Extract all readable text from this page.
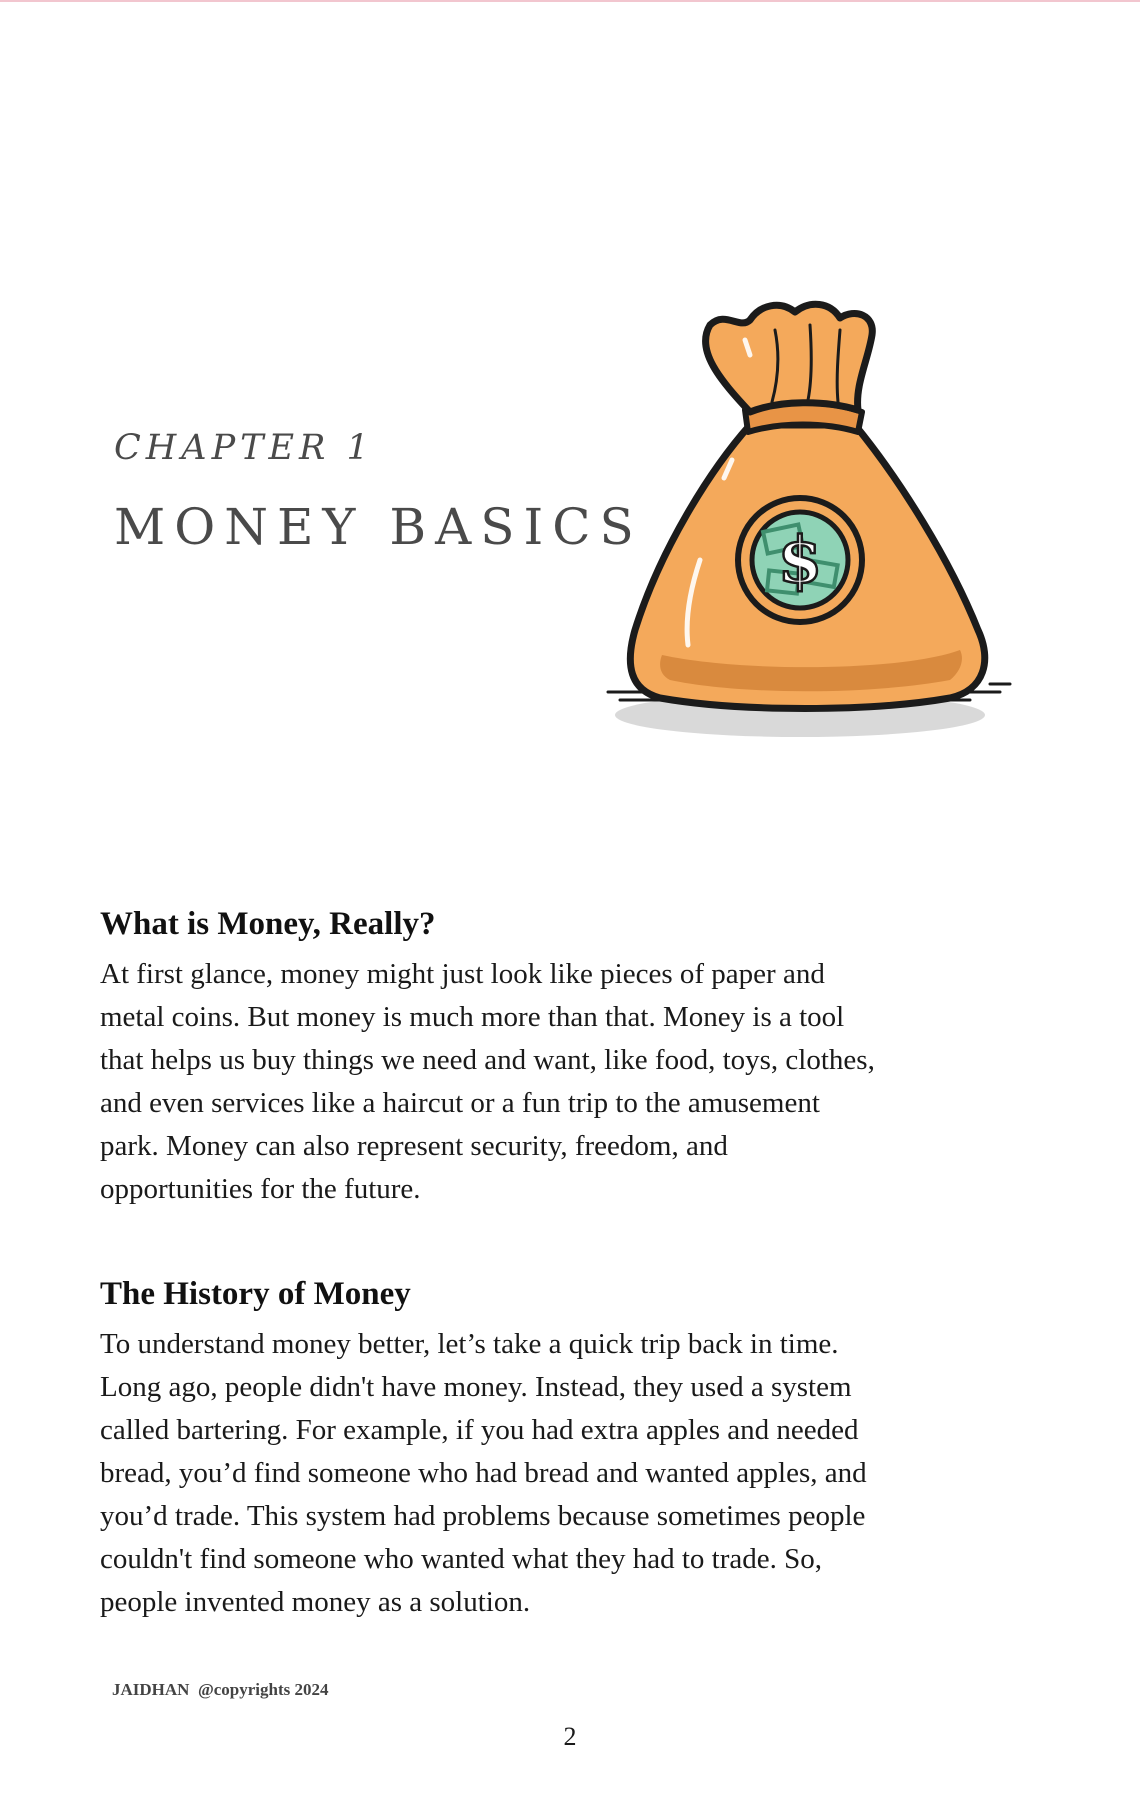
CHAPTER 1
MONEY BASICS $
What is Money, Really?

At first glance, money might just look like pieces of paper and
metal coins. But money is much more than that. Money is a tool
that helps us buy things we need and want, like food, toys, clothes,
and even services like a haircut or a fun trip to the amusement
park. Money can also represent security, freedom, and
opportunities for the future.

The History of Money

To understand money better, let’s take a quick trip back in time.
Long ago, people didn't have money. Instead, they used a system
called bartering. For example, if you had extra apples and needed
bread, you’d find someone who had bread and wanted apples, and
you’d trade. This system had problems because sometimes people
couldn't find someone who wanted what they had to trade. So,
people invented money as a solution.

JAIDHAN  @copyrights 2024
2
